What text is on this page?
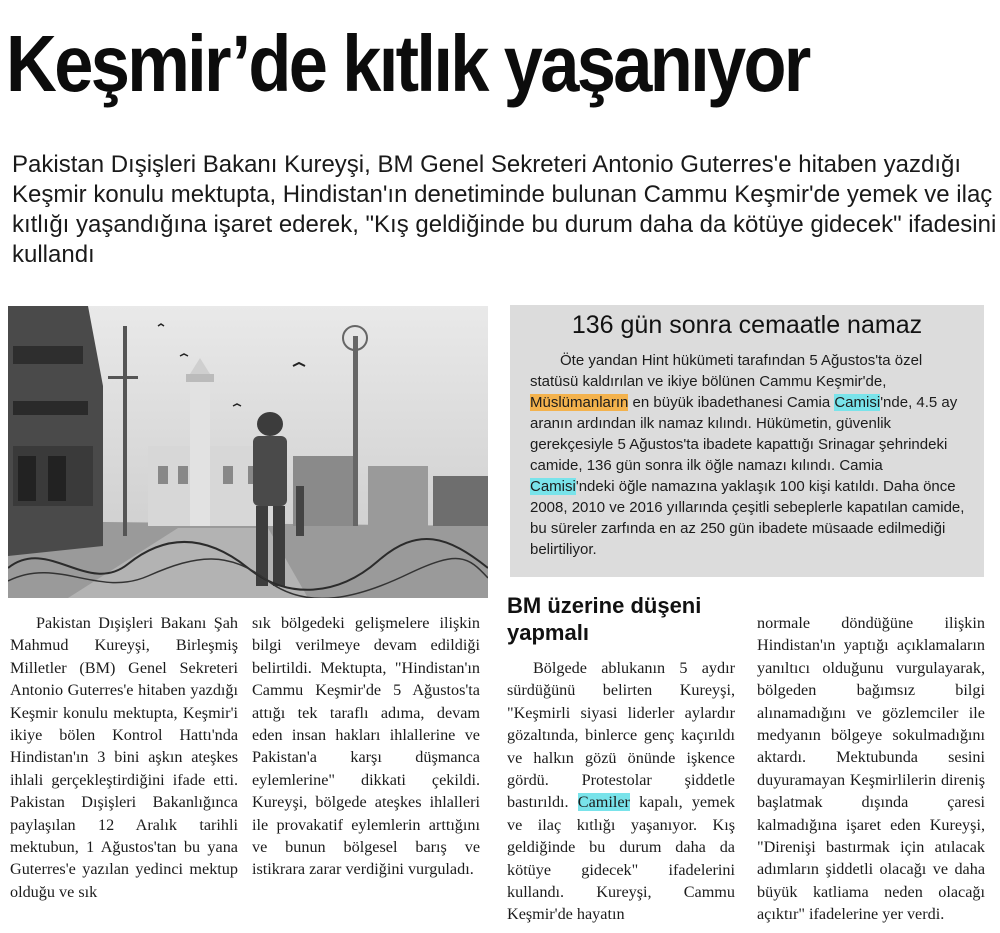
Keşmir’de kıtlık yaşanıyor

Pakistan Dışişleri Bakanı Kureyşi, BM Genel Sekreteri Antonio Guterres'e hitaben yazdığı Keşmir konulu mektupta, Hindistan'ın denetiminde bulunan Cammu Keşmir'de yemek ve ilaç kıtlığı yaşandığına işaret ederek, "Kış geldiğinde bu durum daha da kötüye gidecek" ifadesini kullandı

136 gün sonra cemaatle namaz

Öte yandan Hint hükümeti tarafından 5 Ağustos'ta özel statüsü kaldırılan ve ikiye bölünen Cammu Keşmir'de, Müslümanların en büyük ibadethanesi Camia Camisi'nde, 4.5 ay aranın ardından ilk namaz kılındı. Hükümetin, güvenlik gerekçesiyle 5 Ağustos'ta ibadete kapattığı Srinagar şehrindeki camide, 136 gün sonra ilk öğle namazı kılındı. Camia Camisi'ndeki öğle namazına yaklaşık 100 kişi katıldı. Daha önce 2008, 2010 ve 2016 yıllarında çeşitli sebeplerle kapatılan camide, bu süreler zarfında en az 250 gün ibadete müsaade edilmediği belirtiliyor.

Pakistan Dışişleri Bakanı Şah Mahmud Kureyşi, Birleşmiş Milletler (BM) Genel Sekreteri Antonio Guterres'e hitaben yazdığı Keşmir konulu mektupta, Keşmir'i ikiye bölen Kontrol Hattı'nda Hindistan'ın 3 bini aşkın ateşkes ihlali gerçekleştirdiğini ifade etti. Pakistan Dışişleri Bakanlığınca paylaşılan 12 Aralık tarihli mektubun, 1 Ağustos'tan bu yana Guterres'e yazılan yedinci mektup olduğu ve sık

sık bölgedeki gelişmelere ilişkin bilgi verilmeye devam edildiği belirtildi. Mektupta, "Hindistan'ın Cammu Keşmir'de 5 Ağustos'ta attığı tek taraflı adıma, devam eden insan hakları ihlallerine ve Pakistan'a karşı düşmanca eylemlerine" dikkati çekildi. Kureyşi, bölgede ateşkes ihlalleri ile provakatif eylemlerin arttığını ve bunun bölgesel barış ve istikrara zarar verdiğini vurguladı.

BM üzerine düşeni yapmalı

Bölgede ablukanın 5 aydır sürdüğünü belirten Kureyşi, "Keşmirli siyasi liderler aylardır gözaltında, binlerce genç kaçırıldı ve halkın gözü önünde işkence gördü. Protestolar şiddetle bastırıldı. Camiler kapalı, yemek ve ilaç kıtlığı yaşanıyor. Kış geldiğinde bu durum daha da kötüye gidecek" ifadelerini kullandı. Kureyşi, Cammu Keşmir'de hayatın

normale döndüğüne ilişkin Hindistan'ın yaptığı açıklamaların yanıltıcı olduğunu vurgulayarak, bölgeden bağımsız bilgi alınamadığını ve gözlemciler ile medyanın bölgeye sokulmadığını aktardı. Mektubunda sesini duyuramayan Keşmirlilerin direniş başlatmak dışında çaresi kalmadığına işaret eden Kureyşi, "Direnişi bastırmak için atılacak adımların şiddetli olacağı ve daha büyük katliama neden olacağı açıktır" ifadelerine yer verdi.
